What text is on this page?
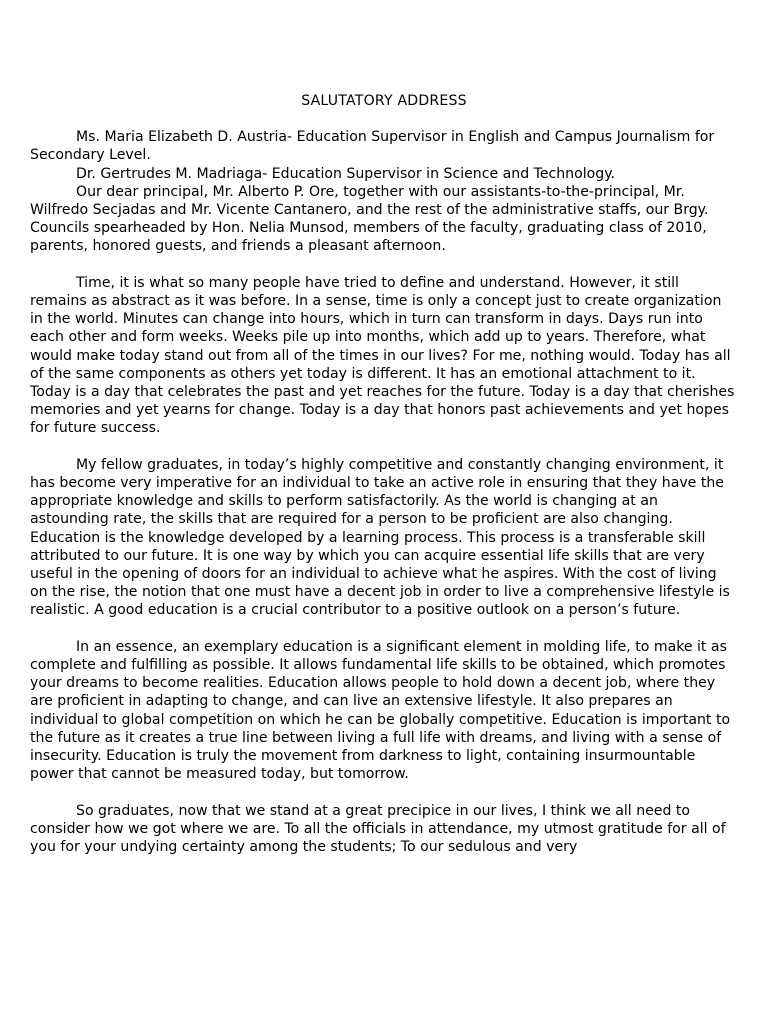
SALUTATORY ADDRESS

Ms. Maria Elizabeth D. Austria- Education Supervisor in English and Campus Journalism for Secondary Level.

Dr. Gertrudes M. Madriaga- Education Supervisor in Science and Technology.

Our dear principal, Mr. Alberto P. Ore, together with our assistants-to-the-principal, Mr. Wilfredo Secjadas and Mr. Vicente Cantanero, and the rest of the administrative staffs, our Brgy. Councils spearheaded by Hon. Nelia Munsod, members of the faculty, graduating class of 2010, parents, honored guests, and friends a pleasant afternoon.

Time, it is what so many people have tried to define and understand. However, it still remains as abstract as it was before. In a sense, time is only a concept just to create organization in the world. Minutes can change into hours, which in turn can transform in days. Days run into each other and form weeks. Weeks pile up into months, which add up to years. Therefore, what would make today stand out from all of the times in our lives? For me, nothing would. Today has all of the same components as others yet today is different. It has an emotional attachment to it. Today is a day that celebrates the past and yet reaches for the future. Today is a day that cherishes memories and yet yearns for change. Today is a day that honors past achievements and yet hopes for future success.

My fellow graduates, in today’s highly competitive and constantly changing environment, it has become very imperative for an individual to take an active role in ensuring that they have the appropriate knowledge and skills to perform satisfactorily. As the world is changing at an astounding rate, the skills that are required for a person to be proficient are also changing. Education is the knowledge developed by a learning process. This process is a transferable skill attributed to our future. It is one way by which you can acquire essential life skills that are very useful in the opening of doors for an individual to achieve what he aspires. With the cost of living on the rise, the notion that one must have a decent job in order to live a comprehensive lifestyle is realistic. A good education is a crucial contributor to a positive outlook on a person’s future.

In an essence, an exemplary education is a significant element in molding life, to make it as complete and fulfilling as possible. It allows fundamental life skills to be obtained, which promotes your dreams to become realities. Education allows people to hold down a decent job, where they are proficient in adapting to change, and can live an extensive lifestyle. It also prepares an individual to global competition on which he can be globally competitive. Education is important to the future as it creates a true line between living a full life with dreams, and living with a sense of insecurity. Education is truly the movement from darkness to light, containing insurmountable power that cannot be measured today, but tomorrow.

So graduates, now that we stand at a great precipice in our lives, I think we all need to consider how we got where we are. To all the officials in attendance, my utmost gratitude for all of you for your undying certainty among the students; To our sedulous and very
